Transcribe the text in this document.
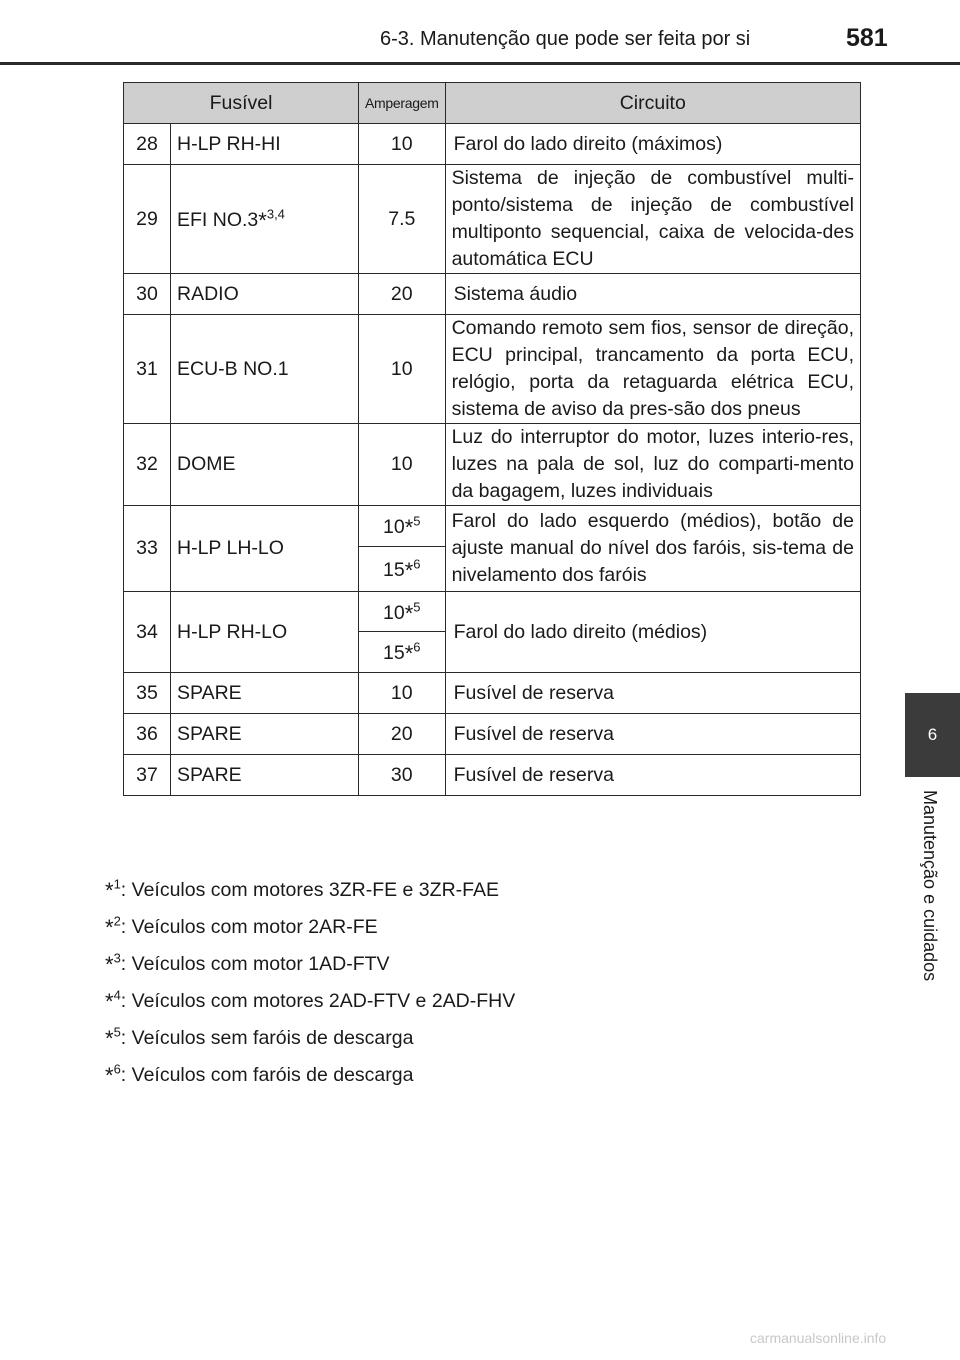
6-3. Manutenção que pode ser feita por si	581
6
Manutenção e cuidados
Fusível		Amperagem	Circuito
28	H-LP RH-HI	10	Farol do lado direito (máximos)
29	EFI NO.3*$^{3,4}$	7.5	Sistema de injeção de combustível multi-ponto/sistema de injeção de combustível multiponto sequencial, caixa de velocida-des automática ECU
30	RADIO	20	Sistema áudio
31	ECU-B NO.1	10	Comando remoto sem fios, sensor de direção, ECU principal, trancamento da porta ECU, relógio, porta da retaguarda elétrica ECU, sistema de aviso da pres-são dos pneus
32	DOME	10	Luz do interruptor do motor, luzes interio-res, luzes na pala de sol, luz do comparti-mento da bagagem, luzes individuais
33	H-LP LH-LO	10*$^5$	Farol do lado esquerdo (médios), botão de ajuste manual do nível dos faróis, sis-tema de nivelamento dos faróis
		15*$^6$
34	H-LP RH-LO	10*$^5$	Farol do lado direito (médios)
		15*$^6$
35	SPARE	10	Fusível de reserva
36	SPARE	20	Fusível de reserva
37	SPARE	30	Fusível de reserva
*$^1$: Veículos com motores 3ZR-FE e 3ZR-FAE
*$^2$: Veículos com motor 2AR-FE
*$^3$: Veículos com motor 1AD-FTV
*$^4$: Veículos com motores 2AD-FTV e 2AD-FHV
*$^5$: Veículos sem faróis de descarga
*$^6$: Veículos com faróis de descarga
carmanualsonline.info
